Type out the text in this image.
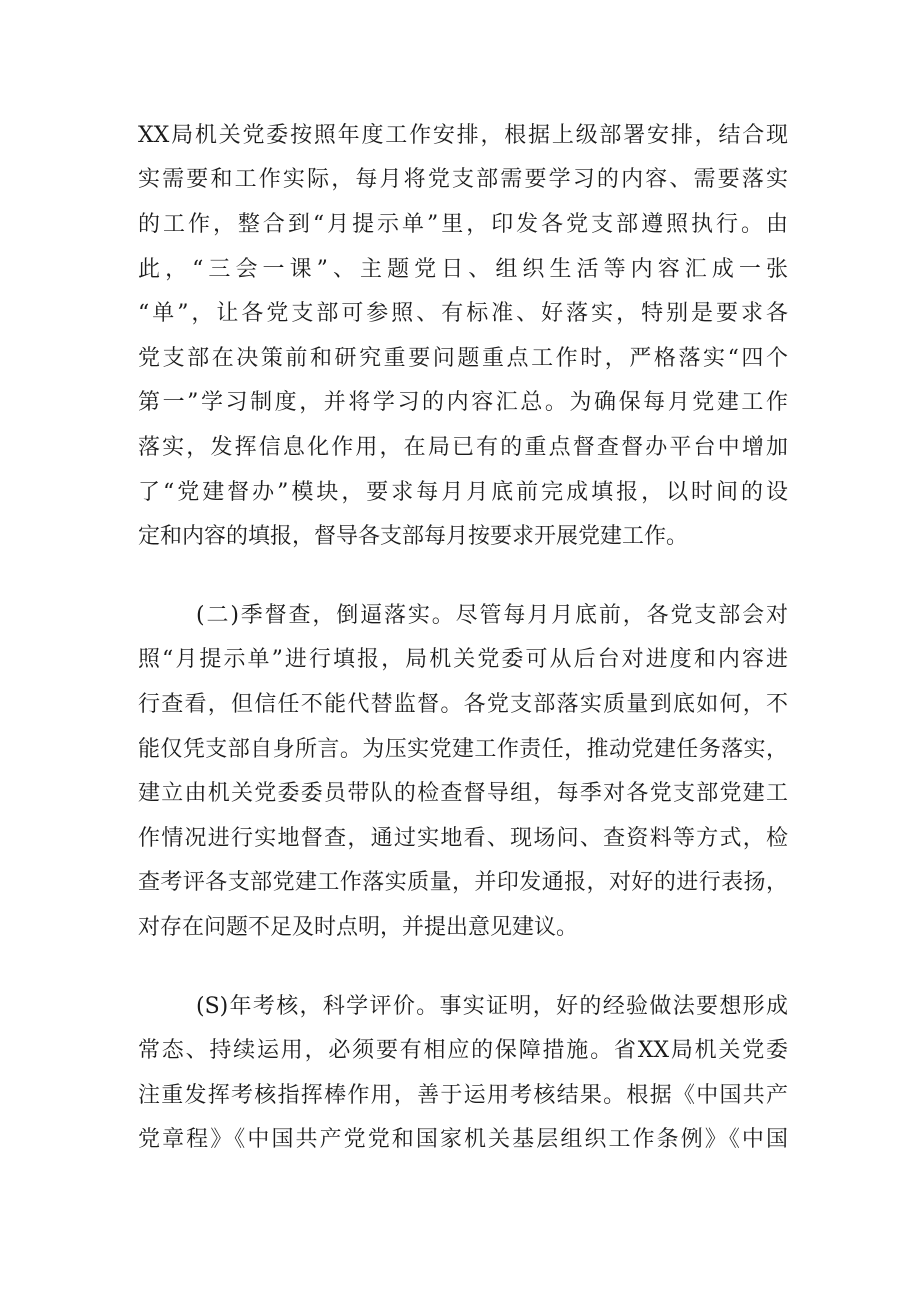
XX局机关党委按照年度工作安排，根据上级部署安排，结合现
实需要和工作实际，每月将党支部需要学习的内容、需要落实
的工作，整合到“月提示单”里，印发各党支部遵照执行。由
此，“三会一课”、主题党日、组织生活等内容汇成一张
“单”，让各党支部可参照、有标准、好落实，特别是要求各
党支部在决策前和研究重要问题重点工作时，严格落实“四个
第一”学习制度，并将学习的内容汇总。为确保每月党建工作
落实，发挥信息化作用，在局已有的重点督查督办平台中增加
了“党建督办”模块，要求每月月底前完成填报，以时间的设
定和内容的填报，督导各支部每月按要求开展党建工作。
(二)季督查，倒逼落实。尽管每月月底前，各党支部会对
照“月提示单”进行填报，局机关党委可从后台对进度和内容进
行查看，但信任不能代替监督。各党支部落实质量到底如何，不
能仅凭支部自身所言。为压实党建工作责任，推动党建任务落实，
建立由机关党委委员带队的检查督导组，每季对各党支部党建工
作情况进行实地督查，通过实地看、现场问、查资料等方式，检
查考评各支部党建工作落实质量，并印发通报，对好的进行表扬，
对存在问题不足及时点明，并提出意见建议。
(S)年考核，科学评价。事实证明，好的经验做法要想形成
常态、持续运用，必须要有相应的保障措施。省XX局机关党委
注重发挥考核指挥棒作用，善于运用考核结果。根据《中国共产
党章程》《中国共产党党和国家机关基层组织工作条例》《中国
